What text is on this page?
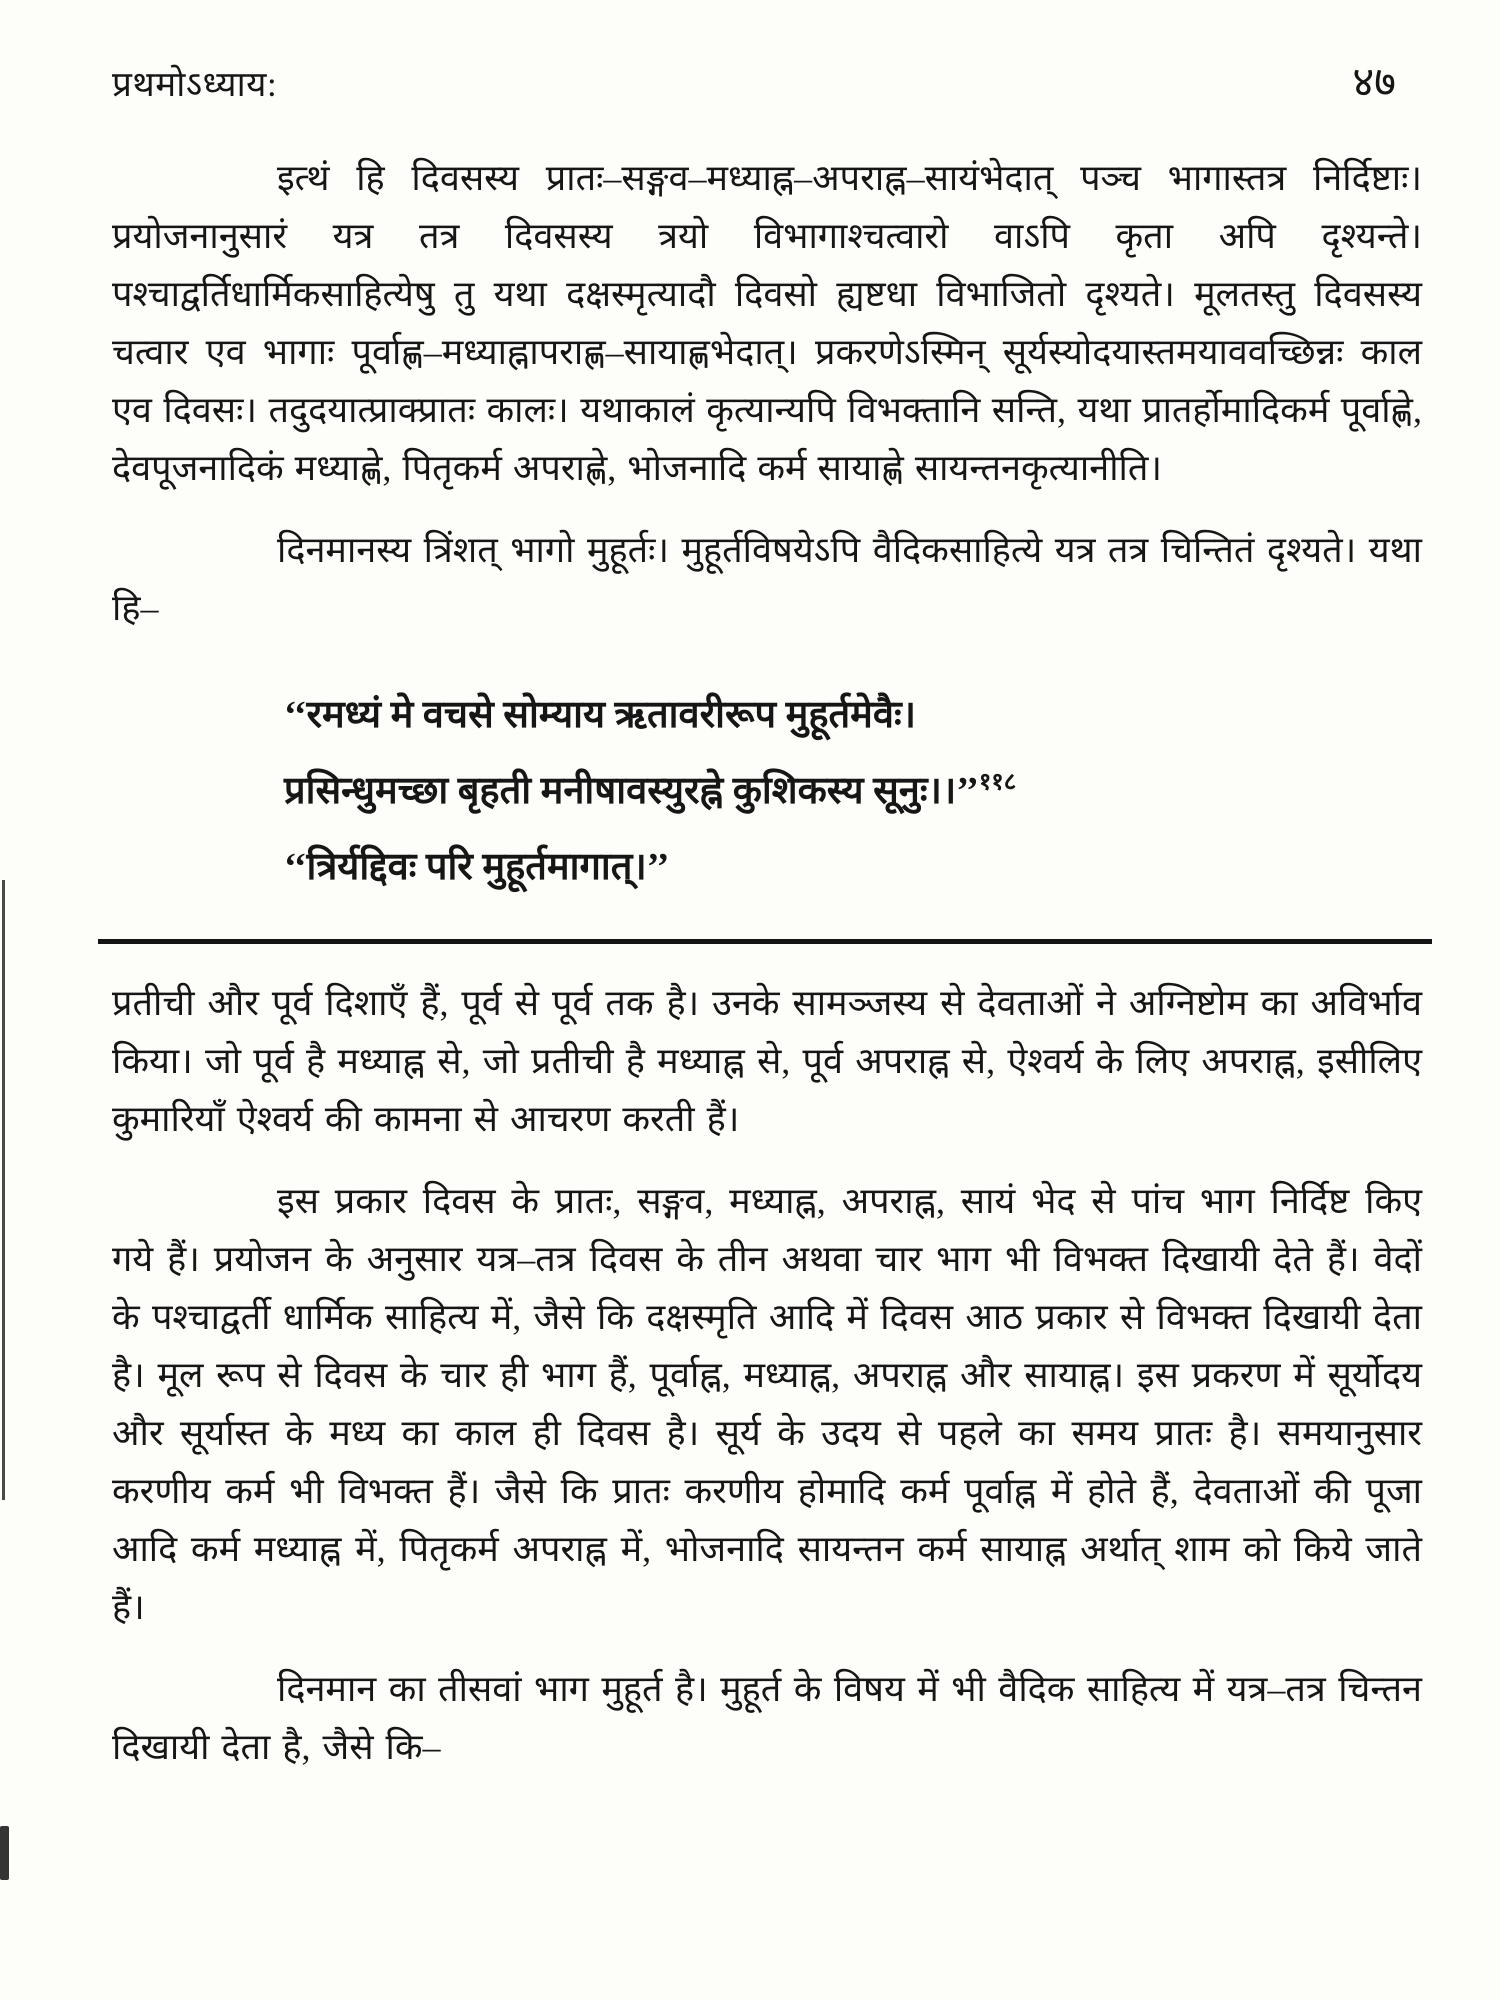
प्रथमोऽध्याय:	४७

इत्थं हि दिवसस्य प्रातः–सङ्गव–मध्याह्न–अपराह्न–सायंभेदात् पञ्च भागास्तत्र निर्दिष्टाः। प्रयोजनानुसारं यत्र तत्र दिवसस्य त्रयो विभागाश्चत्वारो वाऽपि कृता अपि दृश्यन्ते। पश्चाद्वर्तिधार्मिकसाहित्येषु तु यथा दक्षस्मृत्यादौ दिवसो ह्यष्टधा विभाजितो दृश्यते। मूलतस्तु दिवसस्य चत्वार एव भागाः पूर्वाह्ण–मध्याह्नापराह्ण–सायाह्णभेदात्। प्रकरणेऽस्मिन् सूर्यस्योदयास्तमयाववच्छिन्नः काल एव दिवसः। तदुदयात्प्राक्प्रातः कालः। यथाकालं कृत्यान्यपि विभक्तानि सन्ति, यथा प्रातर्होमादिकर्म पूर्वाह्णे, देवपूजनादिकं मध्याह्णे, पितृकर्म अपराह्णे, भोजनादि कर्म सायाह्णे सायन्तनकृत्यानीति।

दिनमानस्य त्रिंशत् भागो मुहूर्तः। मुहूर्तविषयेऽपि वैदिकसाहित्ये यत्र तत्र चिन्तितं दृश्यते। यथा हि–

‘‘रमध्यं मे वचसे सोम्याय ऋतावरीरूप मुहूर्तमेवैः।

प्रसिन्धुमच्छा बृहती मनीषावस्युरह्ने कुशिकस्य सूनुः।।’’$^{११८}$

‘‘त्रिर्यद्दिवः परि मुहूर्तमागात्।’’

प्रतीची और पूर्व दिशाएँ हैं, पूर्व से पूर्व तक है। उनके सामञ्जस्य से देवताओं ने अग्निष्टोम का अविर्भाव किया। जो पूर्व है मध्याह्न से, जो प्रतीची है मध्याह्न से, पूर्व अपराह्न से, ऐश्वर्य के लिए अपराह्न, इसीलिए कुमारियाँ ऐश्वर्य की कामना से आचरण करती हैं।

इस प्रकार दिवस के प्रातः, सङ्गव, मध्याह्न, अपराह्न, सायं भेद से पांच भाग निर्दिष्ट किए गये हैं। प्रयोजन के अनुसार यत्र–तत्र दिवस के तीन अथवा चार भाग भी विभक्त दिखायी देते हैं। वेदों के पश्चाद्वर्ती धार्मिक साहित्य में, जैसे कि दक्षस्मृति आदि में दिवस आठ प्रकार से विभक्त दिखायी देता है। मूल रूप से दिवस के चार ही भाग हैं, पूर्वाह्न, मध्याह्न, अपराह्न और सायाह्न। इस प्रकरण में सूर्योदय और सूर्यास्त के मध्य का काल ही दिवस है। सूर्य के उदय से पहले का समय प्रातः है। समयानुसार करणीय कर्म भी विभक्त हैं। जैसे कि प्रातः करणीय होमादि कर्म पूर्वाह्न में होते हैं, देवताओं की पूजा आदि कर्म मध्याह्न में, पितृकर्म अपराह्न में, भोजनादि सायन्तन कर्म सायाह्न अर्थात् शाम को किये जाते हैं।

दिनमान का तीसवां भाग मुहूर्त है। मुहूर्त के विषय में भी वैदिक साहित्य में यत्र–तत्र चिन्तन दिखायी देता है, जैसे कि–
